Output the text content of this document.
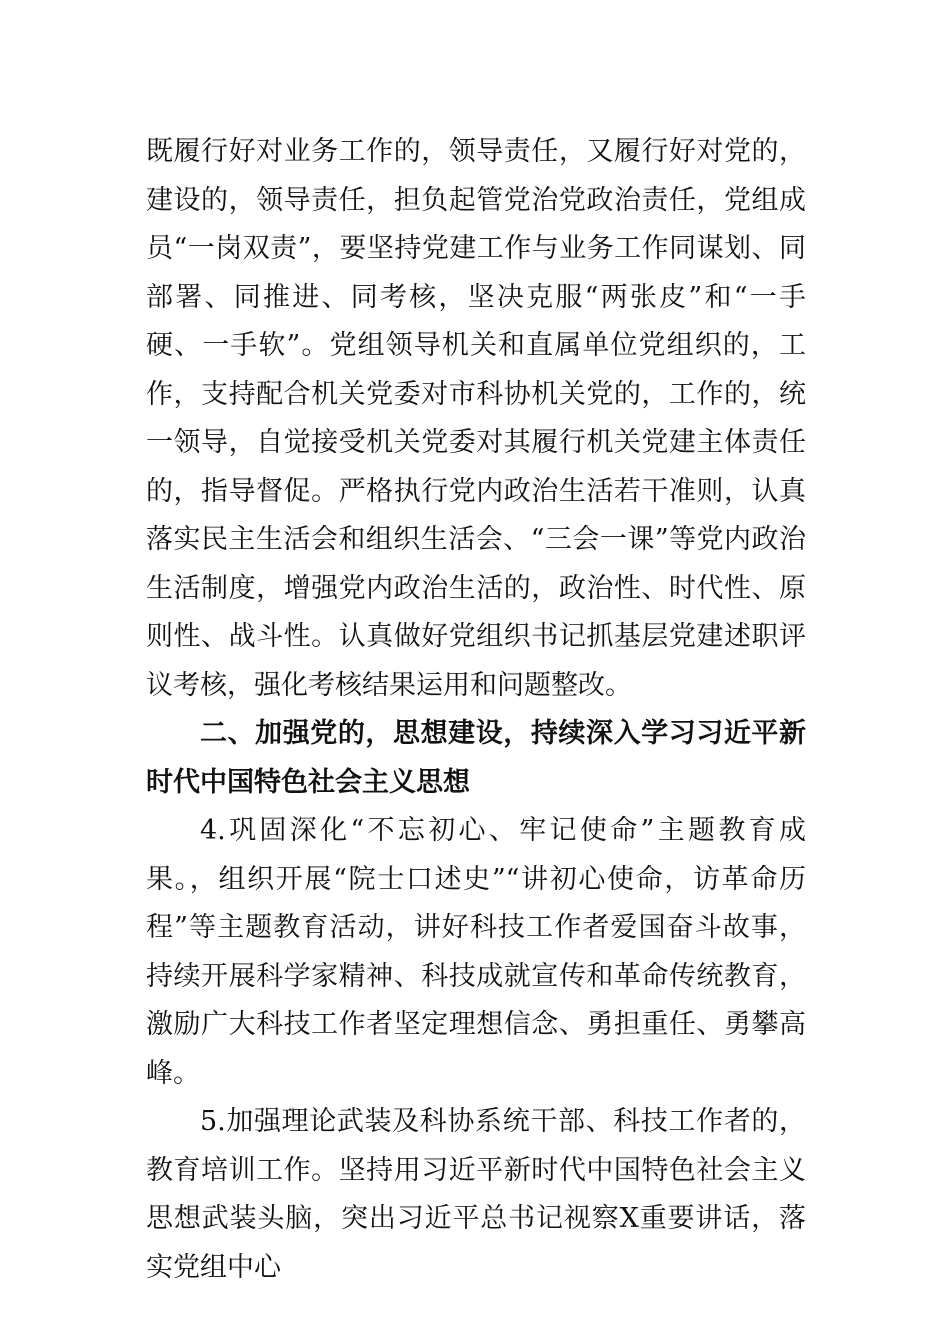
既履行好对业务工作的，领导责任，又履行好对党的，建设的，领导责任，担负起管党治党政治责任，党组成员“一岗双责”，要坚持党建工作与业务工作同谋划、同部署、同推进、同考核，坚决克服“两张皮”和“一手硬、一手软”。党组领导机关和直属单位党组织的，工作，支持配合机关党委对市科协机关党的，工作的，统一领导，自觉接受机关党委对其履行机关党建主体责任的，指导督促。严格执行党内政治生活若干准则，认真落实民主生活会和组织生活会、“三会一课”等党内政治生活制度，增强党内政治生活的，政治性、时代性、原则性、战斗性。认真做好党组织书记抓基层党建述职评议考核，强化考核结果运用和问题整改。

二、加强党的，思想建设，持续深入学习习近平新时代中国特色社会主义思想

4.巩固深化“不忘初心、牢记使命”主题教育成果。，组织开展“院士口述史”“讲初心使命，访革命历程”等主题教育活动，讲好科技工作者爱国奋斗故事，持续开展科学家精神、科技成就宣传和革命传统教育，激励广大科技工作者坚定理想信念、勇担重任、勇攀高峰。

5.加强理论武装及科协系统干部、科技工作者的，教育培训工作。坚持用习近平新时代中国特色社会主义思想武装头脑，突出习近平总书记视察X重要讲话，落实党组中心
